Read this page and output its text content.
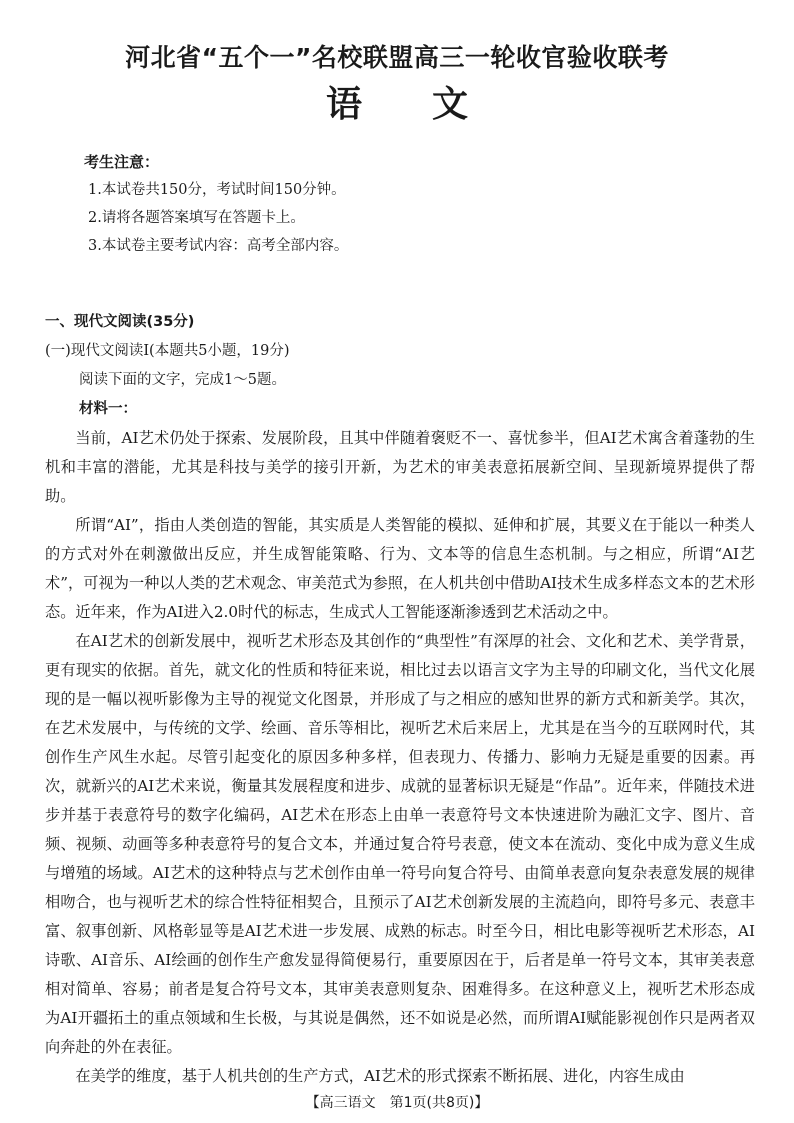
河北省“五个一”名校联盟高三一轮收官验收联考
语文
考生注意：
1.本试卷共150分，考试时间150分钟。
2.请将各题答案填写在答题卡上。
3.本试卷主要考试内容：高考全部内容。
一、现代文阅读(35分)
(一)现代文阅读Ⅰ(本题共5小题，19分)
阅读下面的文字，完成1～5题。
材料一：

当前，AI艺术仍处于探索、发展阶段，且其中伴随着褒贬不一、喜忧参半，但AI艺术寓含着蓬勃的生机和丰富的潜能，尤其是科技与美学的接引开新，为艺术的审美表意拓展新空间、呈现新境界提供了帮助。

所谓“AI”，指由人类创造的智能，其实质是人类智能的模拟、延伸和扩展，其要义在于能以一种类人的方式对外在刺激做出反应，并生成智能策略、行为、文本等的信息生态机制。与之相应，所谓“AI艺术”，可视为一种以人类的艺术观念、审美范式为参照，在人机共创中借助AI技术生成多样态文本的艺术形态。近年来，作为AI进入2.0时代的标志，生成式人工智能逐渐渗透到艺术活动之中。

在AI艺术的创新发展中，视听艺术形态及其创作的“典型性”有深厚的社会、文化和艺术、美学背景，更有现实的依据。首先，就文化的性质和特征来说，相比过去以语言文字为主导的印刷文化，当代文化展现的是一幅以视听影像为主导的视觉文化图景，并形成了与之相应的感知世界的新方式和新美学。其次，在艺术发展中，与传统的文学、绘画、音乐等相比，视听艺术后来居上，尤其是在当今的互联网时代，其创作生产风生水起。尽管引起变化的原因多种多样，但表现力、传播力、影响力无疑是重要的因素。再次，就新兴的AI艺术来说，衡量其发展程度和进步、成就的显著标识无疑是“作品”。近年来，伴随技术进步并基于表意符号的数字化编码，AI艺术在形态上由单一表意符号文本快速进阶为融汇文字、图片、音频、视频、动画等多种表意符号的复合文本，并通过复合符号表意，使文本在流动、变化中成为意义生成与增殖的场域。AI艺术的这种特点与艺术创作由单一符号向复合符号、由简单表意向复杂表意发展的规律相吻合，也与视听艺术的综合性特征相契合，且预示了AI艺术创新发展的主流趋向，即符号多元、表意丰富、叙事创新、风格彰显等是AI艺术进一步发展、成熟的标志。时至今日，相比电影等视听艺术形态，AI诗歌、AI音乐、AI绘画的创作生产愈发显得简便易行，重要原因在于，后者是单一符号文本，其审美表意相对简单、容易；前者是复合符号文本，其审美表意则复杂、困难得多。在这种意义上，视听艺术形态成为AI开疆拓土的重点领域和生长极，与其说是偶然，还不如说是必然，而所谓AI赋能影视创作只是两者双向奔赴的外在表征。

在美学的维度，基于人机共创的生产方式，AI艺术的形式探索不断拓展、进化，内容生成由

【高三语文　第1页(共8页)】
